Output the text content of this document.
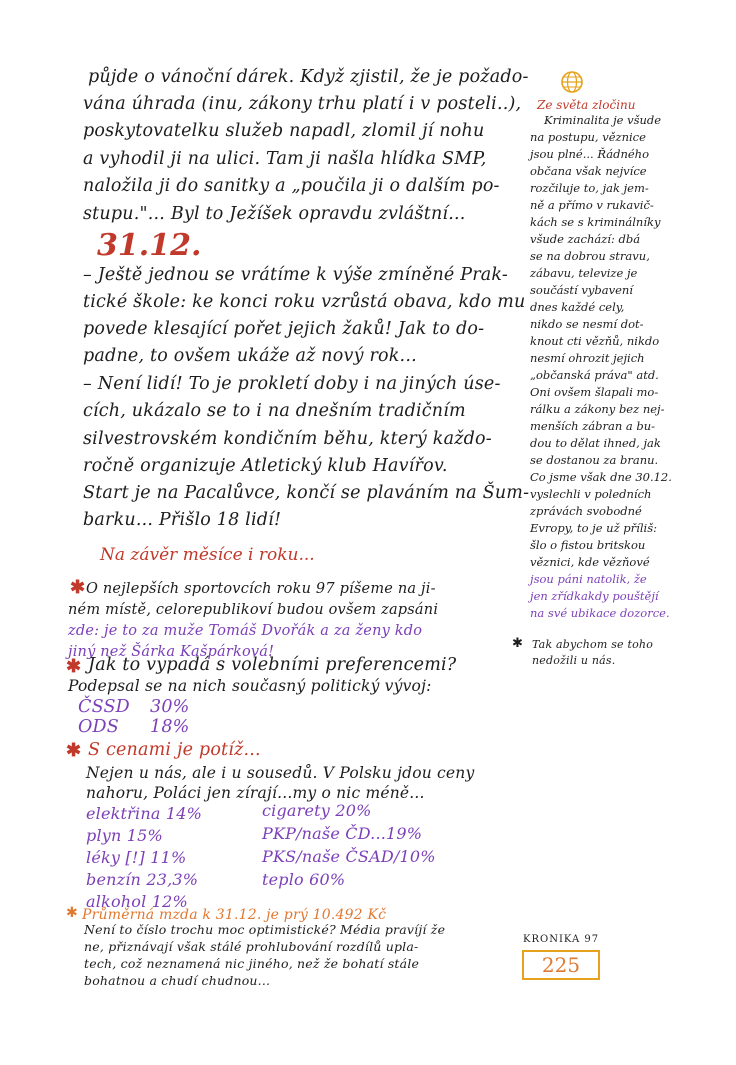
půjde o vánoční dárek. Když zjistil, že je požado-
vána úhrada (inu, zákony trhu platí i v posteli..),
poskytovatelku služeb napadl, zlomil jí nohu
a vyhodil ji na ulici. Tam ji našla hlídka SMP,
naložila ji do sanitky a „poučila ji o dalším po-
stupu."... Byl to Ježíšek opravdu zvláštní...
31.12.
– Ještě jednou se vrátíme k výše zmíněné Prak-
tické škole: ke konci roku vzrůstá obava, kdo mu
povede klesající pořet jejich žaků! Jak to do-
padne, to ovšem ukáže až nový rok...
– Není lidí! To je prokletí doby i na jiných úse-
cích, ukázalo se to i na dnešním tradičním
silvestrovském kondičním běhu, který každo-
ročně organizuje Atletický klub Havířov.
Start je na Pacalůvce, končí se plaváním na Šum-
barku... Přišlo 18 lidí!
Na závěr měsíce i roku...
✱ O nejlepších sportovcích roku 97 píšeme na ji-
ném místě, celorepublikoví budou ovšem zapsáni
zde: je to za muže Tomáš Dvořák a za ženy kdo
jiný než Šárka Kašpárková!
✱ Jak to vypadá s volebními preferencemi?
Podepsal se na nich současný politický vývoj:
ČSSD 30%
ODS 18%
✱ S cenami je potíž...
Nejen u nás, ale i u sousedů. V Polsku jdou ceny
nahoru, Poláci jen zírají...my o nic méně...
elektřina 14%
plyn 15%
léky [!] 11%
benzín 23,3%
alkohol 12%
cigarety 20%
PKP/naše ČD...19%
PKS/naše ČSAD/10%
teplo 60%
✱ Průměrná mzda k 31.12. je prý 10.492 Kč
Není to číslo trochu moc optimistické? Média pravíjí že
ne, přiznávají však stálé prohlubování rozdílů upla-
tech, což neznamená nic jiného, než že bohatí stále
bohatnou a chudí chudnou...
Ze světa zločinu
Kriminalita je všude
na postupu, věznice
jsou plné... Řádného
občana však nejvíce
rozčiluje to, jak jem-
ně a přímo v rukavič-
kách se s kriminálníky
všude zachází: dbá
se na dobrou stravu,
zábavu, televize je
součástí vybavení
dnes každé cely,
nikdo se nesmí dot-
knout cti vězňů, nikdo
nesmí ohrozit jejich
„občanská práva" atd.
Oni ovšem šlapali mo-
rálku a zákony bez nej-
menších zábran a bu-
dou to dělat ihned, jak
se dostanou za branu.
Co jsme však dne 30.12.
vyslechli v poledních
zprávách svobodné
Evropy, to je už příliš:
šlo o fistou britskou
věznici, kde vězňové
jsou páni natolik, že
jen zřídkakdy pouštějí
na své ubikace dozorce.
✱ Tak abychom se toho
nedožili u nás.
KRONIKA 97
225
